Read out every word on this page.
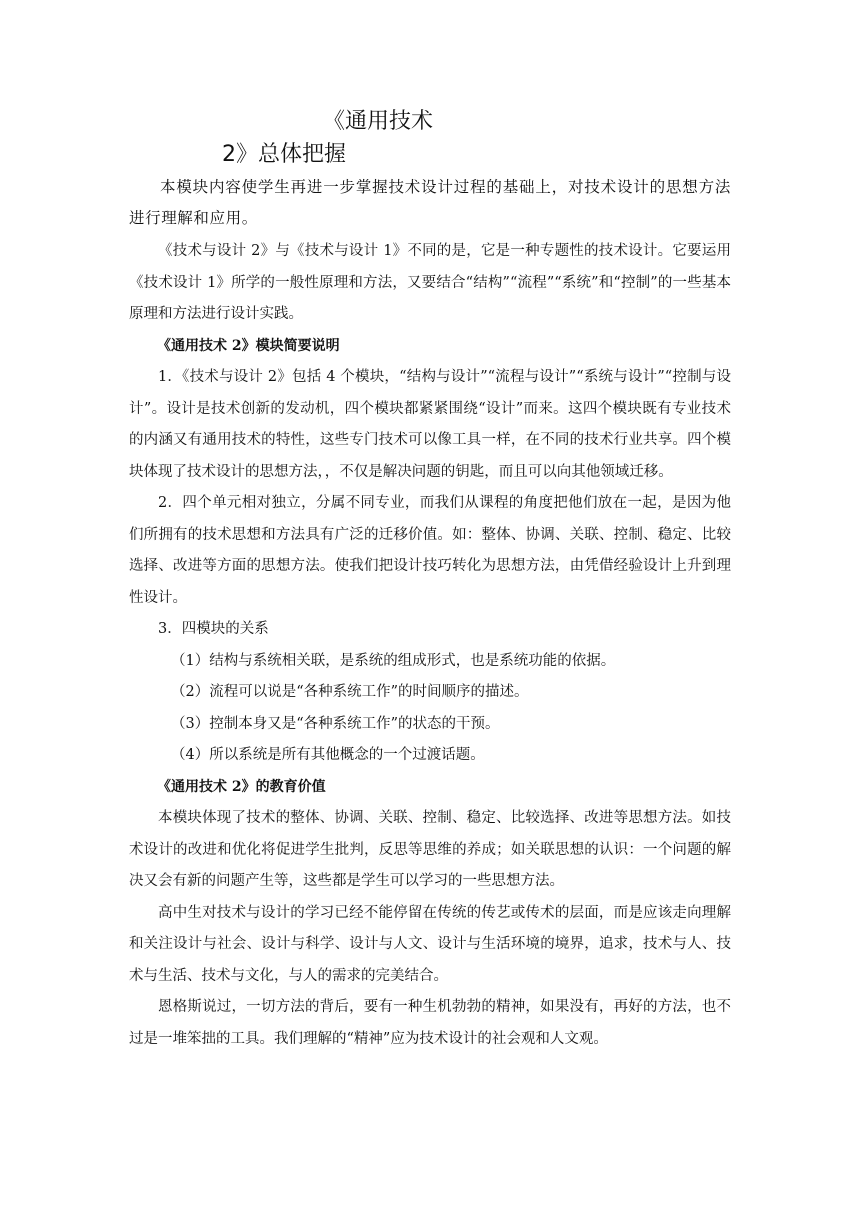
《通用技术
2》总体把握

本模块内容使学生再进一步掌握技术设计过程的基础上，对技术设计的思想方法进行理解和应用。

《技术与设计 2》与《技术与设计 1》不同的是，它是一种专题性的技术设计。它要运用《技术设计 1》所学的一般性原理和方法，又要结合“结构”“流程”“系统”和“控制”的一些基本原理和方法进行设计实践。

《通用技术 2》模块简要说明

1．《技术与设计 2》包括 4 个模块，“结构与设计”“流程与设计”“系统与设计”“控制与设计”。设计是技术创新的发动机，四个模块都紧紧围绕“设计”而来。这四个模块既有专业技术的内涵又有通用技术的特性，这些专门技术可以像工具一样，在不同的技术行业共享。四个模块体现了技术设计的思想方法，，不仅是解决问题的钥匙，而且可以向其他领域迁移。

2．四个单元相对独立，分属不同专业，而我们从课程的角度把他们放在一起，是因为他们所拥有的技术思想和方法具有广泛的迁移价值。如：整体、协调、关联、控制、稳定、比较选择、改进等方面的思想方法。使我们把设计技巧转化为思想方法，由凭借经验设计上升到理性设计。

3．四模块的关系

（1）结构与系统相关联，是系统的组成形式，也是系统功能的依据。

（2）流程可以说是“各种系统工作”的时间顺序的描述。

（3）控制本身又是“各种系统工作”的状态的干预。

（4）所以系统是所有其他概念的一个过渡话题。

《通用技术 2》的教育价值

本模块体现了技术的整体、协调、关联、控制、稳定、比较选择、改进等思想方法。如技术设计的改进和优化将促进学生批判，反思等思维的养成；如关联思想的认识：一个问题的解决又会有新的问题产生等，这些都是学生可以学习的一些思想方法。

高中生对技术与设计的学习已经不能停留在传统的传艺或传术的层面，而是应该走向理解和关注设计与社会、设计与科学、设计与人文、设计与生活环境的境界，追求，技术与人、技术与生活、技术与文化，与人的需求的完美结合。

恩格斯说过，一切方法的背后，要有一种生机勃勃的精神，如果没有，再好的方法，也不过是一堆笨拙的工具。我们理解的“精神”应为技术设计的社会观和人文观。
